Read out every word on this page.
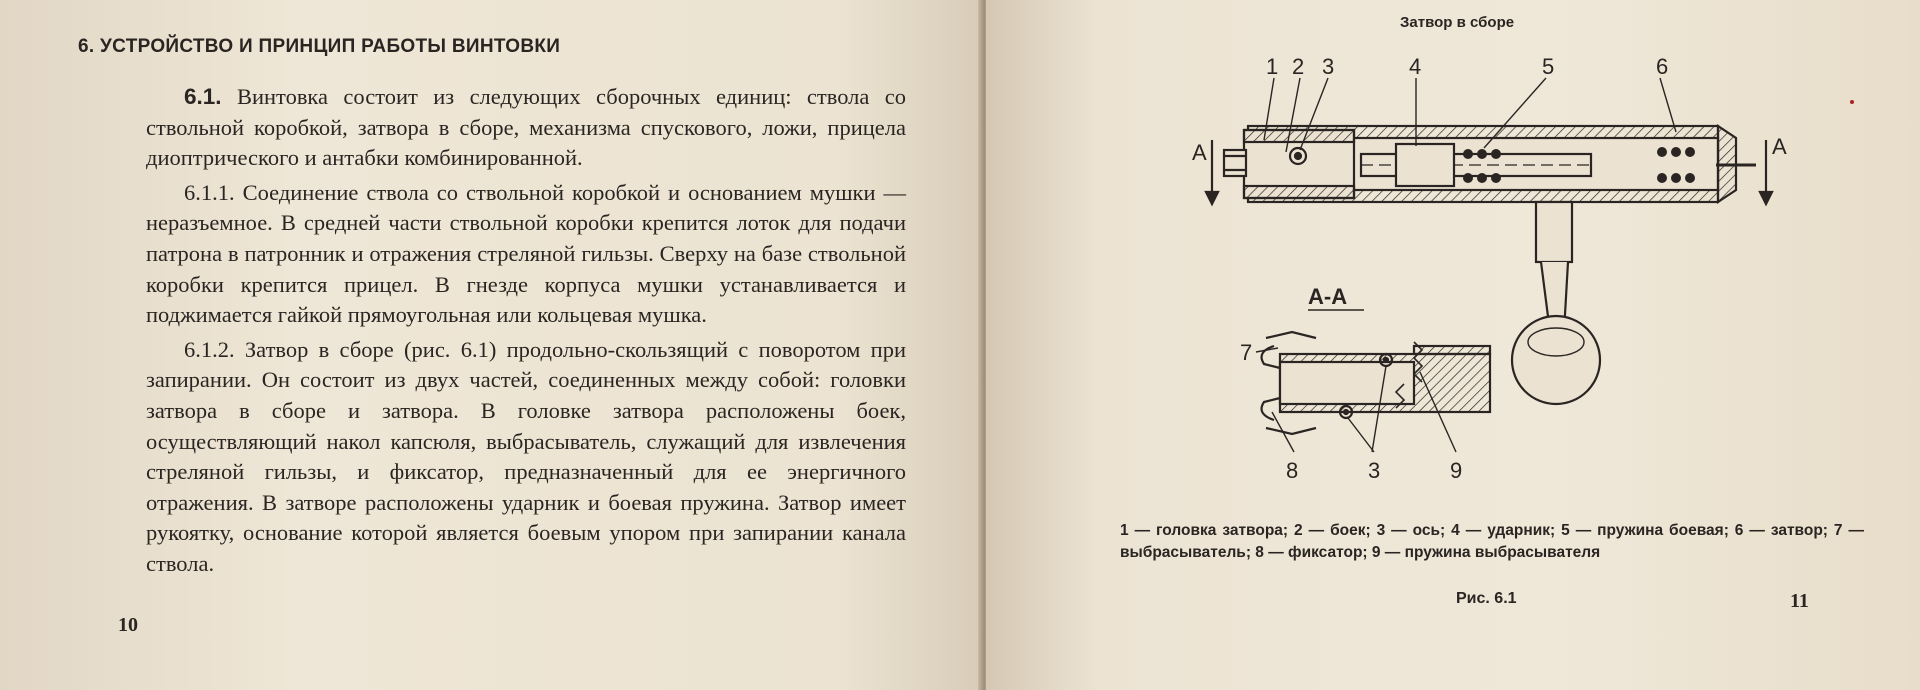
6. УСТРОЙСТВО И ПРИНЦИП РАБОТЫ ВИНТОВКИ

6.1. Винтовка состоит из следующих сборочных единиц: ствола со ствольной коробкой, затвора в сборе, механизма спускового, ложи, прицела диоптрического и антабки комбинированной.

6.1.1. Соединение ствола со ствольной коробкой и основанием мушки — неразъемное. В средней части ствольной коробки крепится лоток для подачи патрона в патронник и отражения стреляной гильзы. Сверху на базе ствольной коробки крепится прицел. В гнезде корпуса мушки устанавливается и поджимается гайкой прямоугольная или кольцевая мушка.

6.1.2. Затвор в сборе (рис. 6.1) продольно-скользящий с поворотом при запирании. Он состоит из двух частей, соединенных между собой: головки затвора в сборе и затвора. В головке затвора расположены боек, осуществляющий накол капсюля, выбрасыватель, служащий для извлечения стреляной гильзы, и фиксатор, предназначенный для ее энергичного отражения. В затворе расположены ударник и боевая пружина. Затвор имеет рукоятку, основание которой является боевым упором при запирании канала ствола.

10
Затвор в сборе
1 2 3	4	5	6
А	А
А-А
7
8	3	9
1 — головка затвора; 2 — боек; 3 — ось; 4 — ударник; 5 — пружина боевая; 6 — затвор; 7 — выбрасыватель; 8 — фиксатор; 9 — пружина выбрасывателя
Рис. 6.1	11
